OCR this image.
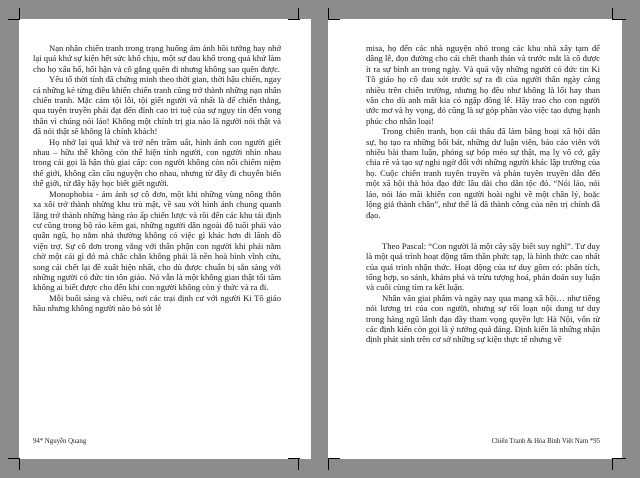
Nạn nhân chiến tranh trong trạng huống ám ảnh hồi tưởng hay nhớ lại quá khứ sự kiện hết sức khổ chịu, một sự đau khổ trong quá khứ làm cho họ xấu hổ, hối hận và cô gắng quên đi nhưng không sao quên được.

Yếu tố thời tính đã chứng minh theo thời gian, thời hậu chiến, ngay cả những kẻ từng điều khiển chiến tranh cũng trở thành những nạn nhân chiến tranh. Mặc cảm tội lỗi, tội giết người và nhất là để chiến thắng, qua tuyên truyền phải đạt đến đỉnh cao tri tuệ của sự ngụy tín đến vong thân vì chúng nói láo! Không một chính trị gia nào là người nói thật và đã nói thật sẽ không là chính khách!

Họ nhớ lại quá khứ và trở nên trầm uất, hình ảnh con người giết nhau – hữu thể không còn thể hiện tính người, con người nhìn nhau trong cái gọi là hận thù giai cấp: con người không còn nối chiếm niệm thế giới, không cần cầu nguyện cho nhau, nhưng từ đây đi chuyển biến thế giới, từ đây hậy học biết giết người.

Monophobia - ám ảnh sợ cô đơn, một khi những vùng nông thôn xa xôi trở thành những khu trù mật, về sau với hình ảnh chung quanh lặng trở thành những hàng rào ấp chiến lược và rồi đến các khu tái định cư cũng trong bộ ráo kẽm gai, những người dân ngoài độ tuổi phải vào quân ngũ, họ nằm nhà thường không có việc gì khác hơn đi lãnh đồ viện trợ. Sự cô đơn trong vắng với thân phận con người khi phải nằm chờ một cái gì đó mà chắc chắn không phải là nền hoà bình vĩnh cửu, song cái chết lại đề xuất hiện nhất, cho dù được chuẩn bị sẵn sàng với những người có đức tin tôn giáo. Nó vẫn là một không gian thật tối tăm không ai biết được cho đến khi con người không còn ý thức và ra đi.

Mỗi buổi sáng và chiều, nơi các trại định cư với người Ki Tô giáo hầu nhưng không người nào bỏ sót lễ

94* Nguyễn Quang

misa, họ đến các nhà nguyện nhỏ trong các khu nhà xây tạm để dâng lễ, đọn đường cho cái chết thanh thản và trước mắt là cô được ít ra sự bình an trong ngày. Và quả vậy những người có đức tin Ki Tô giáo họ cô đau xót trước sự ra đi của người thân ngày càng nhiều trên chiến trường, nhưng họ đều như không là lối hay than vãn cho dù anh mất kia có ngập đồng lễ. Hãy trao cho con người ước mơ và hy vọng, đó cũng là sự góp phần vào việc tạo dựng hạnh phúc cho nhân loại!

Trong chiến tranh, bọn cái thấu đã làm băng hoại xã hội dân sự, họ tạo ra những bối bát, những dư luận viên, báo cáo viên với nhiều bài tham luận, phóng sự bóp méo sự thật, mạ lỵ vô cớ, gây chia rẽ và tạo sự nghi ngờ đối với những người khác lập trường của họ. Cuộc chiến tranh tuyên truyền và phản tuyên truyền dẫn đến một xã hội thà hóa đạo đức lâu dài cho dân tộc đó. “Nói láo, nói láo, nói láo mãi khiến con người hoài nghi về một chân lý, hoặc lộng giả thành chân”, như thế là đã thành công của nền trị chính đã đạo.

Theo Pascal: “Con người là một cây sậy biết suy nghĩ”. Tư duy là một quá trình hoạt động tâm thần phức tạp, là hình thức cao nhất của quá trình nhận thức. Hoạt động của tư duy gồm có: phân tích, tổng hợp, so sánh, khám phá và trừu tượng hoá, phán đoán suy luận và cuối cùng tìm ra kết luận.

Nhân văn giai phẩm và ngày nay qua mạng xã hội… như tiếng nói lương tri của con người, nhưng sự rối loạn nội dung tư duy trong hàng ngũ lãnh đạo đầy tham vọng quyền lực Hà Nội, vốn từ các định kiến còn gọi là ý tưởng quá đáng. Định kiến là những nhận định phát sinh trên cơ sở những sự kiện thực tế nhưng về

Chiến Tranh & Hòa Bình Việt Nam *95
